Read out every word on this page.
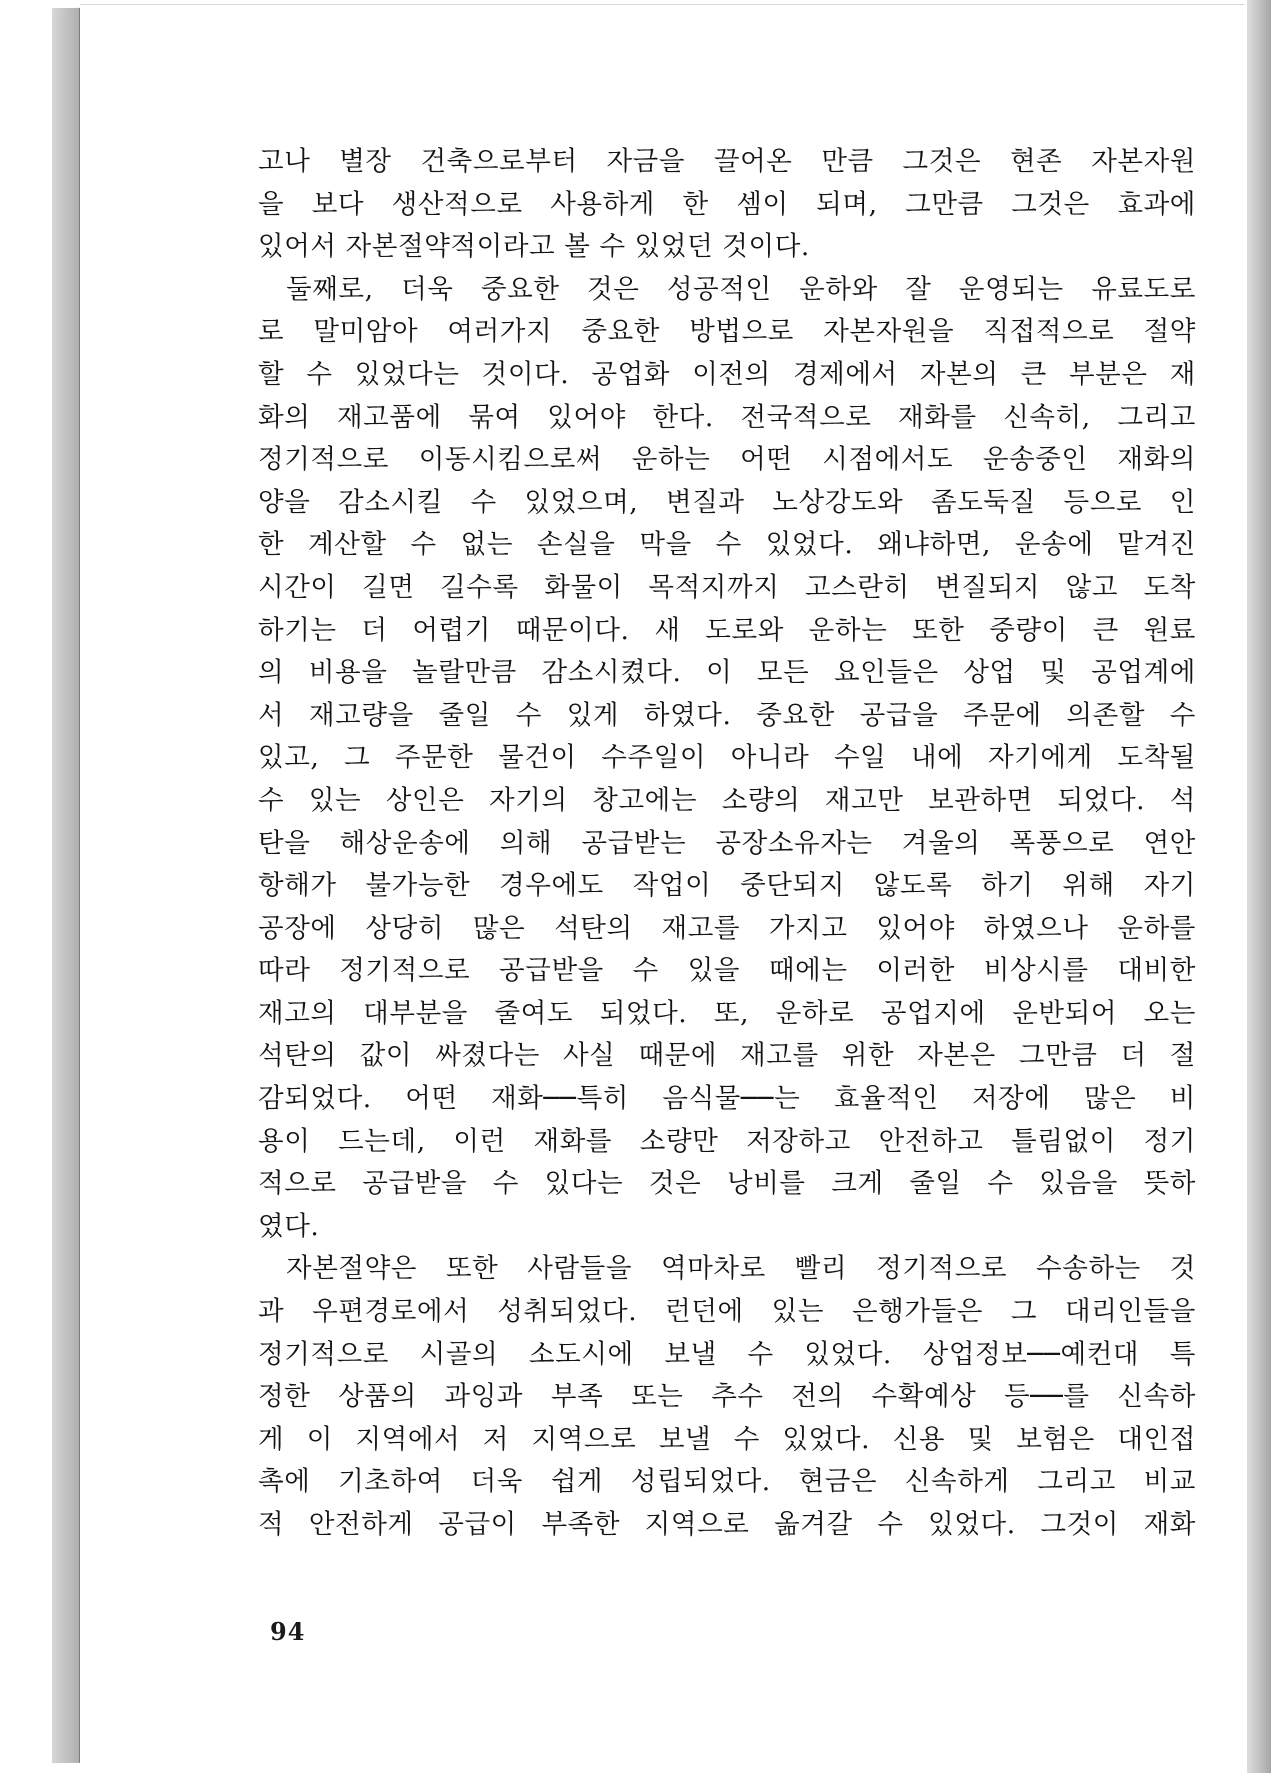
고나 별장 건축으로부터 자금을 끌어온 만큼 그것은 현존 자본자원
을 보다 생산적으로 사용하게 한 셈이 되며, 그만큼 그것은 효과에
있어서 자본절약적이라고 볼 수 있었던 것이다.
둘째로, 더욱 중요한 것은 성공적인 운하와 잘 운영되는 유료도로
로 말미암아 여러가지 중요한 방법으로 자본자원을 직접적으로 절약
할 수 있었다는 것이다. 공업화 이전의 경제에서 자본의 큰 부분은 재
화의 재고품에 묶여 있어야 한다. 전국적으로 재화를 신속히, 그리고
정기적으로 이동시킴으로써 운하는 어떤 시점에서도 운송중인 재화의
양을 감소시킬 수 있었으며, 변질과 노상강도와 좀도둑질 등으로 인
한 계산할 수 없는 손실을 막을 수 있었다. 왜냐하면, 운송에 맡겨진
시간이 길면 길수록 화물이 목적지까지 고스란히 변질되지 않고 도착
하기는 더 어렵기 때문이다. 새 도로와 운하는 또한 중량이 큰 원료
의 비용을 놀랄만큼 감소시켰다. 이 모든 요인들은 상업 및 공업계에
서 재고량을 줄일 수 있게 하였다. 중요한 공급을 주문에 의존할 수
있고, 그 주문한 물건이 수주일이 아니라 수일 내에 자기에게 도착될
수 있는 상인은 자기의 창고에는 소량의 재고만 보관하면 되었다. 석
탄을 해상운송에 의해 공급받는 공장소유자는 겨울의 폭풍으로 연안
항해가 불가능한 경우에도 작업이 중단되지 않도록 하기 위해 자기
공장에 상당히 많은 석탄의 재고를 가지고 있어야 하였으나 운하를
따라 정기적으로 공급받을 수 있을 때에는 이러한 비상시를 대비한
재고의 대부분을 줄여도 되었다. 또, 운하로 공업지에 운반되어 오는
석탄의 값이 싸졌다는 사실 때문에 재고를 위한 자본은 그만큼 더 절
감되었다. 어떤 재화──특히 음식물──는 효율적인 저장에 많은 비
용이 드는데, 이런 재화를 소량만 저장하고 안전하고 틀림없이 정기
적으로 공급받을 수 있다는 것은 낭비를 크게 줄일 수 있음을 뜻하
였다.
자본절약은 또한 사람들을 역마차로 빨리 정기적으로 수송하는 것
과 우편경로에서 성취되었다. 런던에 있는 은행가들은 그 대리인들을
정기적으로 시골의 소도시에 보낼 수 있었다. 상업정보──예컨대 특
정한 상품의 과잉과 부족 또는 추수 전의 수확예상 등──를 신속하
게 이 지역에서 저 지역으로 보낼 수 있었다. 신용 및 보험은 대인접
촉에 기초하여 더욱 쉽게 성립되었다. 현금은 신속하게 그리고 비교
적 안전하게 공급이 부족한 지역으로 옮겨갈 수 있었다. 그것이 재화
94
